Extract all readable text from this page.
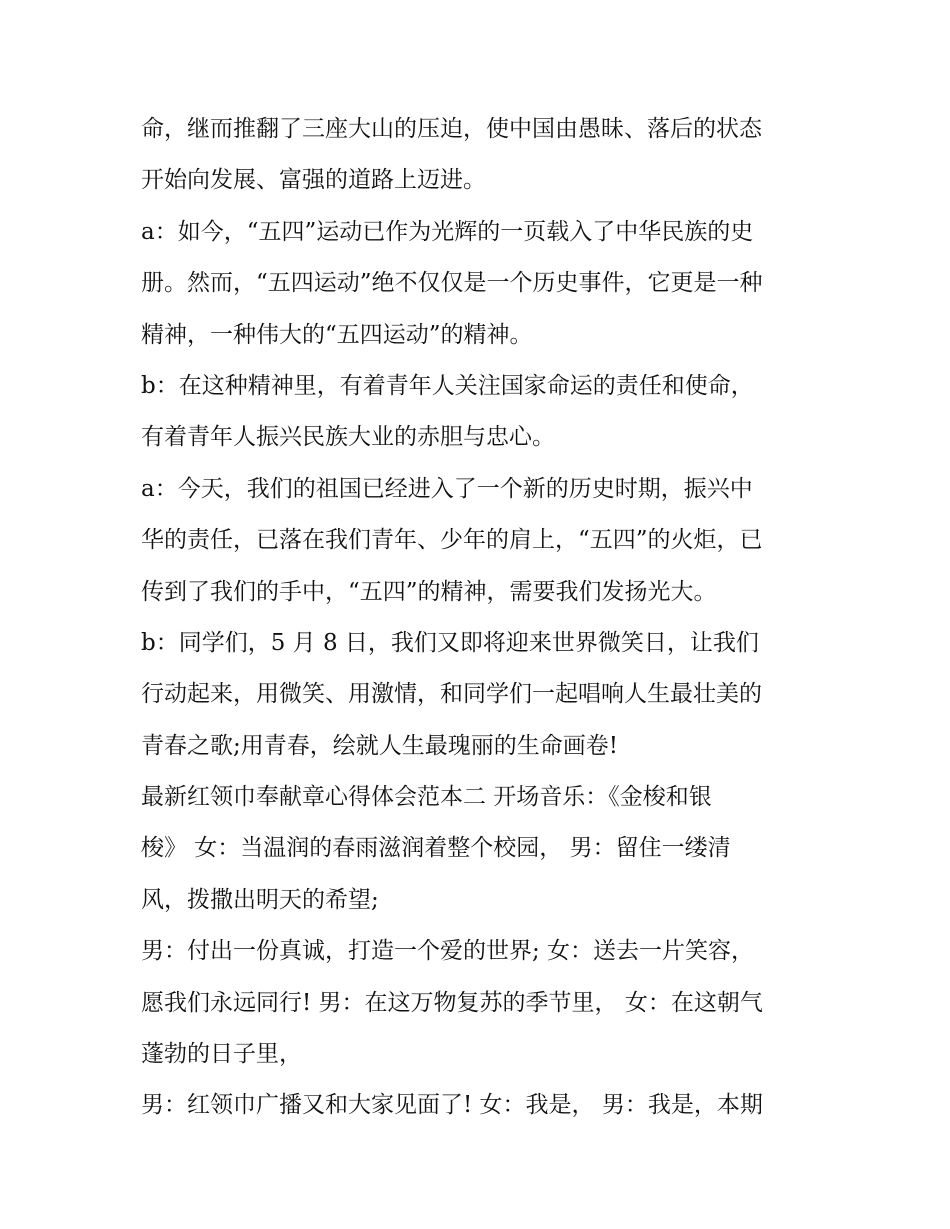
命，继而推翻了三座大山的压迫，使中国由愚昧、落后的状态
开始向发展、富强的道路上迈进。
a：如今，“五四”运动已作为光辉的一页载入了中华民族的史
册。然而，“五四运动”绝不仅仅是一个历史事件，它更是一种
精神，一种伟大的“五四运动”的精神。
b：在这种精神里，有着青年人关注国家命运的责任和使命，
有着青年人振兴民族大业的赤胆与忠心。
a：今天，我们的祖国已经进入了一个新的历史时期，振兴中
华的责任，已落在我们青年、少年的肩上，“五四”的火炬，已
传到了我们的手中，“五四”的精神，需要我们发扬光大。
b：同学们，5 月 8 日，我们又即将迎来世界微笑日，让我们
行动起来，用微笑、用激情，和同学们一起唱响人生最壮美的
青春之歌;用青春，绘就人生最瑰丽的生命画卷!
最新红领巾奉献章心得体会范本二 开场音乐：《金梭和银
梭》 女：当温润的春雨滋润着整个校园， 男：留住一缕清
风，拨撒出明天的希望;
男：付出一份真诚，打造一个爱的世界; 女：送去一片笑容，
愿我们永远同行! 男：在这万物复苏的季节里， 女：在这朝气
蓬勃的日子里，
男：红领巾广播又和大家见面了! 女：我是， 男：我是，本期
